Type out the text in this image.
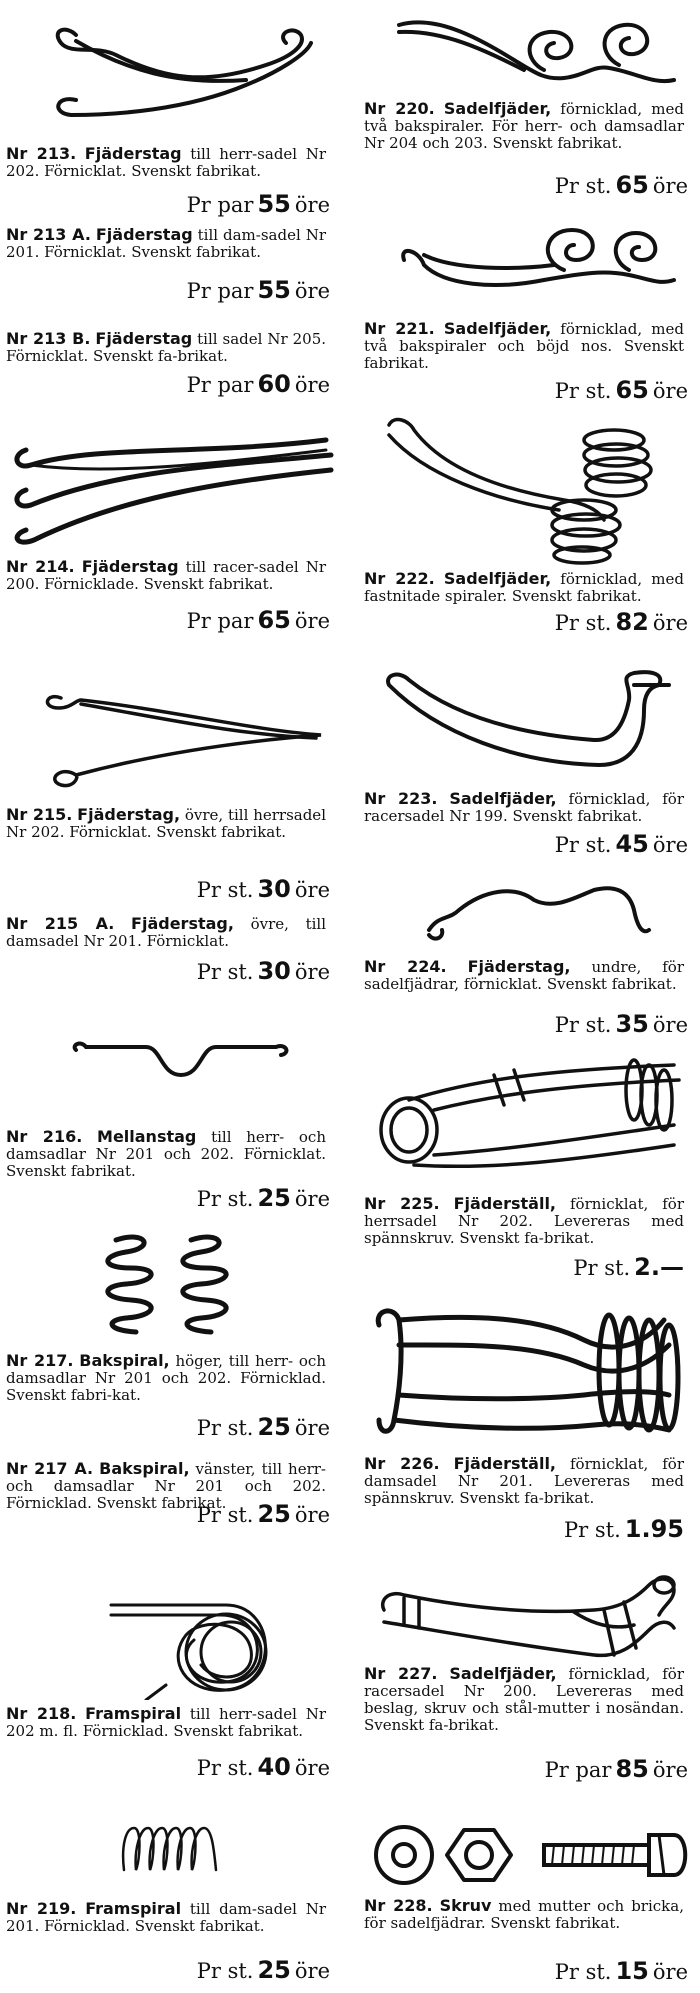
Nr 213. Fjäderstag till herr-sadel Nr 202. Förnicklat. Svenskt fabrikat.
Pr par 55 öre
Nr 213 A. Fjäderstag till dam-sadel Nr 201. Förnicklat. Svenskt fabrikat.
Pr par 55 öre
Nr 213 B. Fjäderstag till sadel Nr 205. Förnicklat. Svenskt fa-brikat.
Pr par 60 öre
Nr 214. Fjäderstag till racer-sadel Nr 200. Förnicklade. Svenskt fabrikat.
Pr par 65 öre
Nr 215. Fjäderstag, övre, till herrsadel Nr 202. Förnicklat. Svenskt fabrikat.
Pr st. 30 öre
Nr 215 A. Fjäderstag, övre, till damsadel Nr 201. Förnicklat.
Pr st. 30 öre
Nr 216. Mellanstag till herr- och damsadlar Nr 201 och 202. Förnicklat. Svenskt fabrikat.
Pr st. 25 öre
Nr 217. Bakspiral, höger, till herr- och damsadlar Nr 201 och 202. Förnicklad. Svenskt fabri-kat.
Pr st. 25 öre
Nr 217 A. Bakspiral, vänster, till herr- och damsadlar Nr 201 och 202. Förnicklad. Svenskt fabrikat.
Pr st. 25 öre
Nr 218. Framspiral till herr-sadel Nr 202 m. fl. Förnicklad. Svenskt fabrikat.
Pr st. 40 öre
Nr 219. Framspiral till dam-sadel Nr 201. Förnicklad. Svenskt fabrikat.
Pr st. 25 öre
Nr 220. Sadelfjäder, förnicklad, med två bakspiraler. För herr- och damsadlar Nr 204 och 203. Svenskt fabrikat.
Pr st. 65 öre
Nr 221. Sadelfjäder, förnicklad, med två bakspiraler och böjd nos. Svenskt fabrikat.
Pr st. 65 öre
Nr 222. Sadelfjäder, förnicklad, med fastnitade spiraler. Svenskt fabrikat.
Pr st. 82 öre
Nr 223. Sadelfjäder, förnicklad, för racersadel Nr 199. Svenskt fabrikat.
Pr st. 45 öre
Nr 224. Fjäderstag, undre, för sadelfjädrar, förnicklat. Svenskt fabrikat.
Pr st. 35 öre
Nr 225. Fjäderställ, förnicklat, för herrsadel Nr 202. Levereras med spännskruv. Svenskt fa-brikat.
Pr st. 2.—
Nr 226. Fjäderställ, förnicklat, för damsadel Nr 201. Levereras med spännskruv. Svenskt fa-brikat.
Pr st. 1.95
Nr 227. Sadelfjäder, förnicklad, för racersadel Nr 200. Levereras med beslag, skruv och stål-mutter i nosändan. Svenskt fa-brikat.
Pr par 85 öre
Nr 228. Skruv med mutter och bricka, för sadelfjädrar. Svenskt fabrikat.
Pr st. 15 öre
